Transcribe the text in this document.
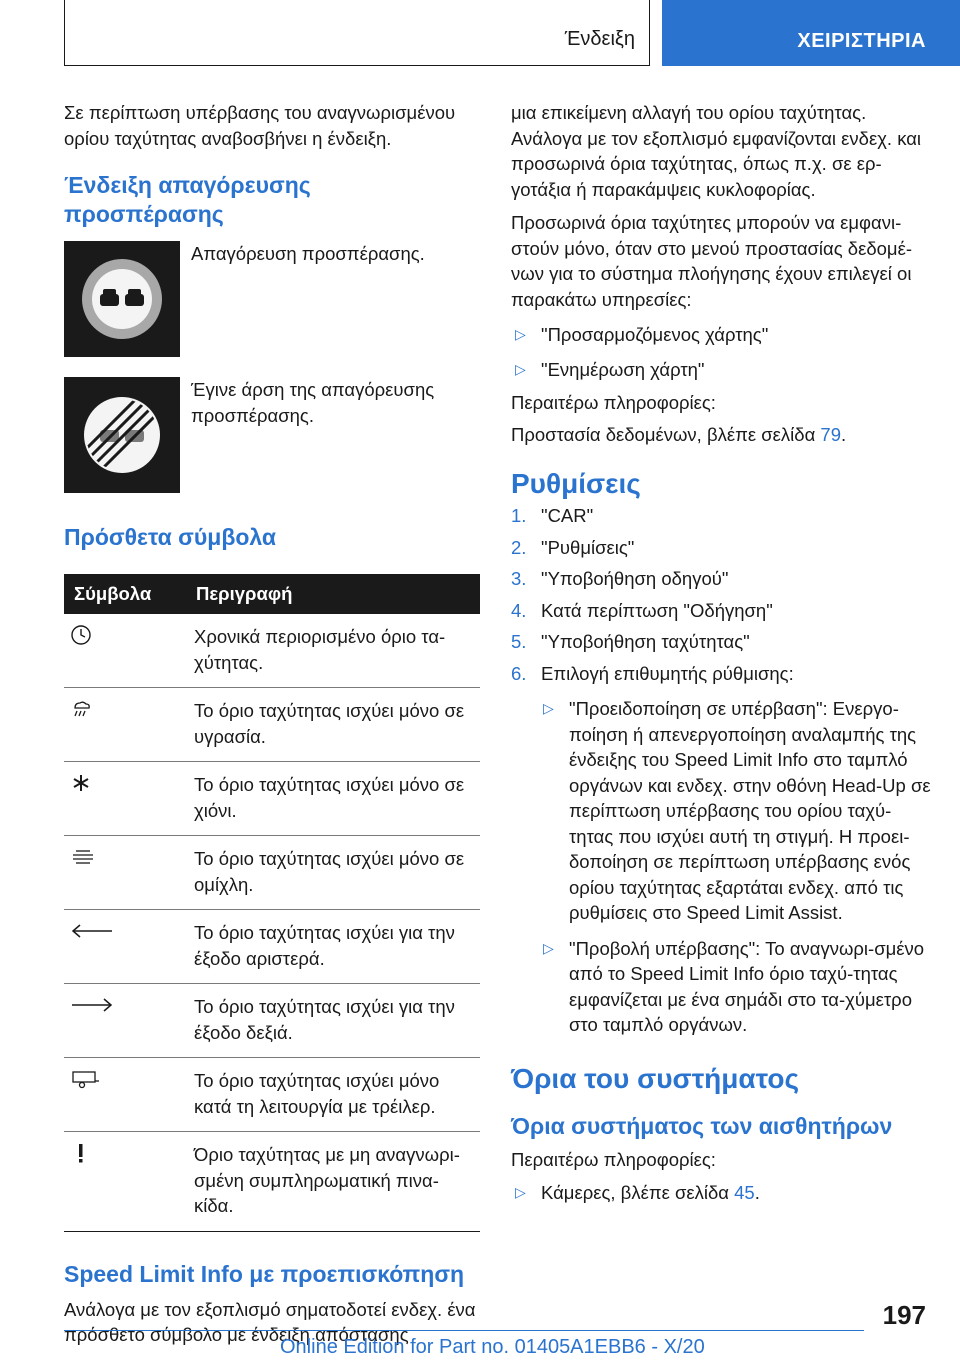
Ένδειξη	ΧΕΙΡΙΣΤΗΡΙΑ

Σε περίπτωση υπέρβασης του αναγνωρισμένου ορίου ταχύτητας αναβοσβήνει η ένδειξη.

Ένδειξη απαγόρευσης
προσπέρασης
Απαγόρευση προσπέρασης.
Έγινε άρση της απαγόρευσης προσπέρασης.
Πρόσθετα σύμβολα
Σύμβολα	Περιγραφή
	Χρονικά περιορισμένο όριο τα-χύτητας.
	Το όριο ταχύτητας ισχύει μόνο σε υγρασία.
	Το όριο ταχύτητας ισχύει μόνο σε χιόνι.
	Το όριο ταχύτητας ισχύει μόνο σε ομίχλη.
	Το όριο ταχύτητας ισχύει για την έξοδο αριστερά.
	Το όριο ταχύτητας ισχύει για την έξοδο δεξιά.
	Το όριο ταχύτητας ισχύει μόνο κατά τη λειτουργία με τρέιλερ.
	Όριο ταχύτητας με μη αναγνωρι-σμένη συμπληρωματική πινα-κίδα.
Speed Limit Info με προεπισκόπηση

Ανάλογα με τον εξοπλισμό σηματοδοτεί ενδεχ. ένα πρόσθετο σύμβολο με ένδειξη απόστασης

μια επικείμενη αλλαγή του ορίου ταχύτητας. Ανάλογα με τον εξοπλισμό εμφανίζονται ενδεχ. και προσωρινά όρια ταχύτητας, όπως π.χ. σε ερ-γοτάξια ή παρακάμψεις κυκλοφορίας.

Προσωρινά όρια ταχύτητες μπορούν να εμφανι-στούν μόνο, όταν στο μενού προστασίας δεδομέ-νων για το σύστημα πλοήγησης έχουν επιλεγεί οι παρακάτω υπηρεσίες:

▷ "Προσαρμοζόμενος χάρτης"
▷ "Ενημέρωση χάρτη"

Περαιτέρω πληροφορίες:

Προστασία δεδομένων, βλέπε σελίδα 79.

Ρυθμίσεις
1. "CAR"
2. "Ρυθμίσεις"
3. "Υποβοήθηση οδηγού"
4. Κατά περίπτωση "Οδήγηση"
5. "Υποβοήθηση ταχύτητας"
6. Επιλογή επιθυμητής ρύθμισης:
▷ "Προειδοποίηση σε υπέρβαση": Ενεργο-ποίηση ή απενεργοποίηση αναλαμπής της ένδειξης του Speed Limit Info στο ταμπλό οργάνων και ενδεχ. στην οθόνη Head-Up σε περίπτωση υπέρβασης του ορίου ταχύ-τητας που ισχύει αυτή τη στιγμή. Η προει-δοποίηση σε περίπτωση υπέρβασης ενός ορίου ταχύτητας εξαρτάται ενδεχ. από τις ρυθμίσεις στο Speed Limit Assist.
▷ "Προβολή υπέρβασης": Το αναγνωρι-σμένο από το Speed Limit Info όριο ταχύ-τητας εμφανίζεται με ένα σημάδι στο τα-χύμετρο στο ταμπλό οργάνων.
Όρια του συστήματος
Όρια συστήματος των αισθητήρων

Περαιτέρω πληροφορίες:

▷ Κάμερες, βλέπε σελίδα 45.
197
Online Edition for Part no. 01405A1EBB6 - X/20
